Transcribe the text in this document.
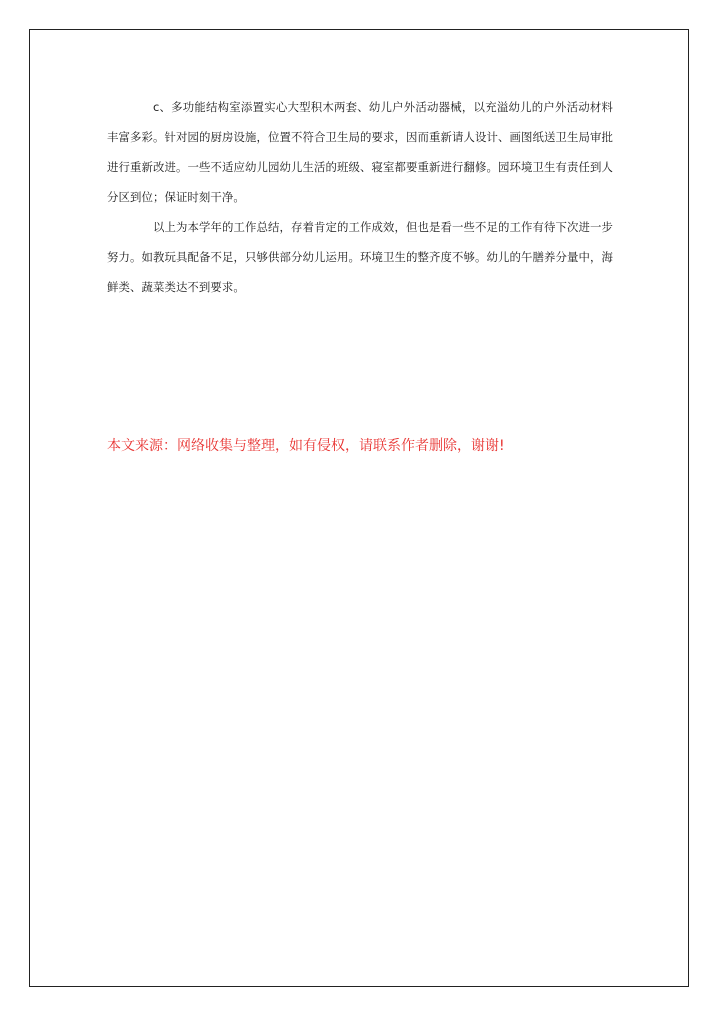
c、多功能结构室添置实心大型积木两套、幼儿户外活动器械，以充溢幼儿的户外活动材料丰富多彩。针对园的厨房设施，位置不符合卫生局的要求，因而重新请人设计、画图纸送卫生局审批进行重新改进。一些不适应幼儿园幼儿生活的班级、寝室都要重新进行翻修。园环境卫生有责任到人分区到位；保证时刻干净。

以上为本学年的工作总结，存着肯定的工作成效，但也是看一些不足的工作有待下次进一步努力。如教玩具配备不足，只够供部分幼儿运用。环境卫生的整齐度不够。幼儿的午膳养分量中，海鲜类、蔬菜类达不到要求。

本文来源：网络收集与整理，如有侵权，请联系作者删除，谢谢!
